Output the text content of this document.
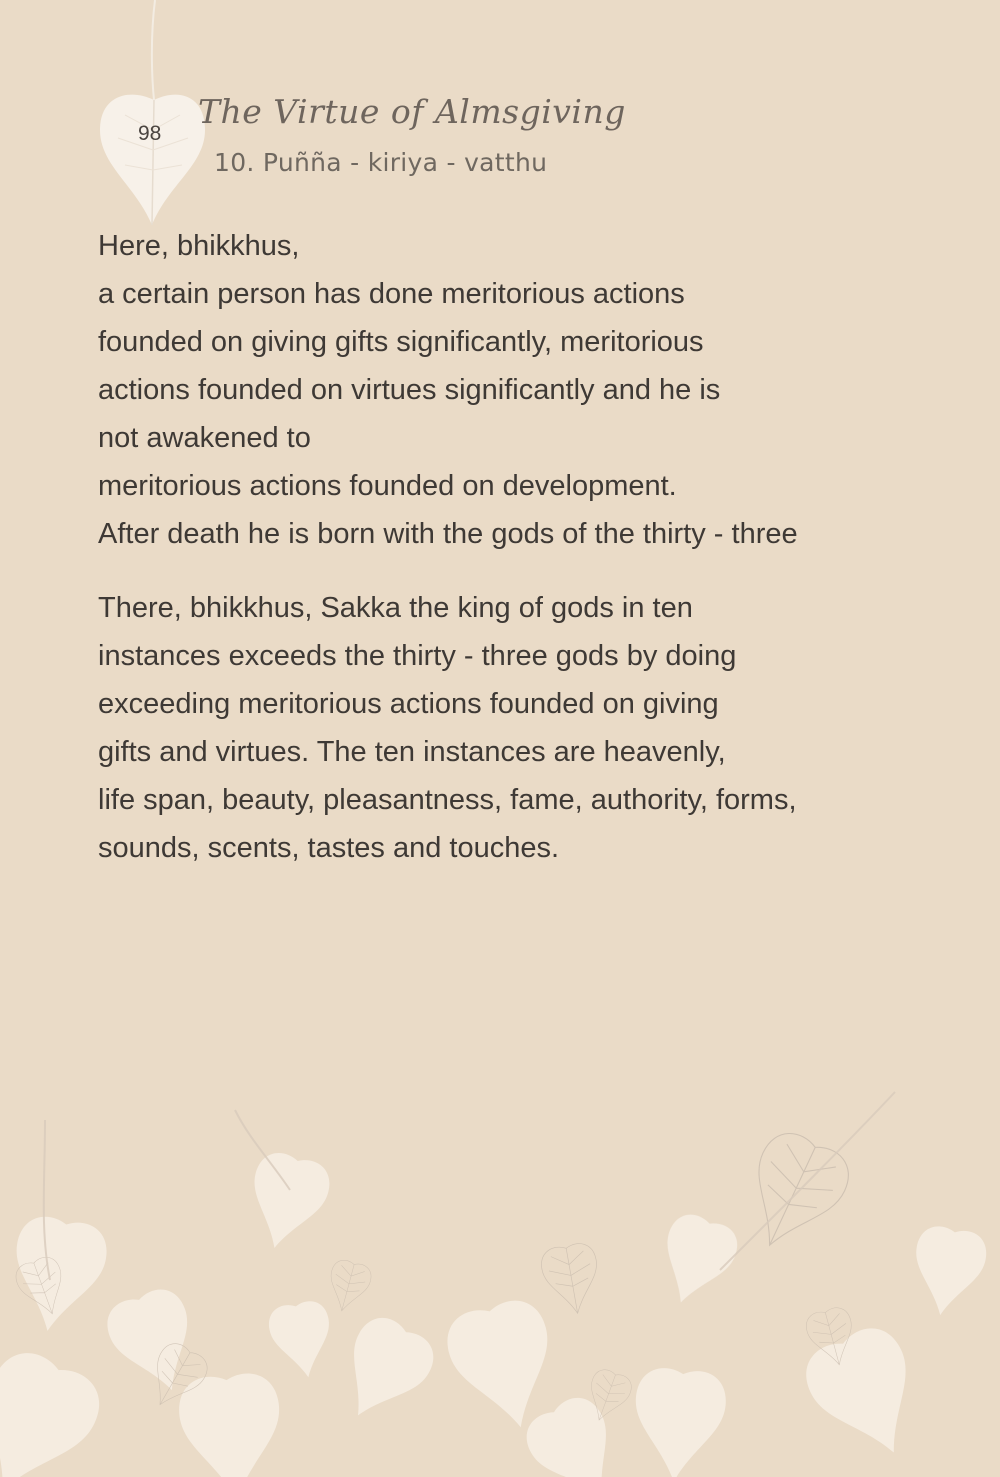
98
The Virtue of Almsgiving
10. Puñña - kiriya - vatthu

Here, bhikkhus,
a certain person has done meritorious actions
founded on giving gifts significantly, meritorious
actions founded on virtues significantly and he is
not awakened to
meritorious actions founded on development.
After death he is born with the gods of the thirty - three

There, bhikkhus, Sakka the king of gods in ten
instances exceeds the thirty - three gods by doing
exceeding meritorious actions founded on giving
gifts and virtues. The ten instances are heavenly,
life span, beauty, pleasantness, fame, authority, forms,
sounds, scents, tastes and touches.
